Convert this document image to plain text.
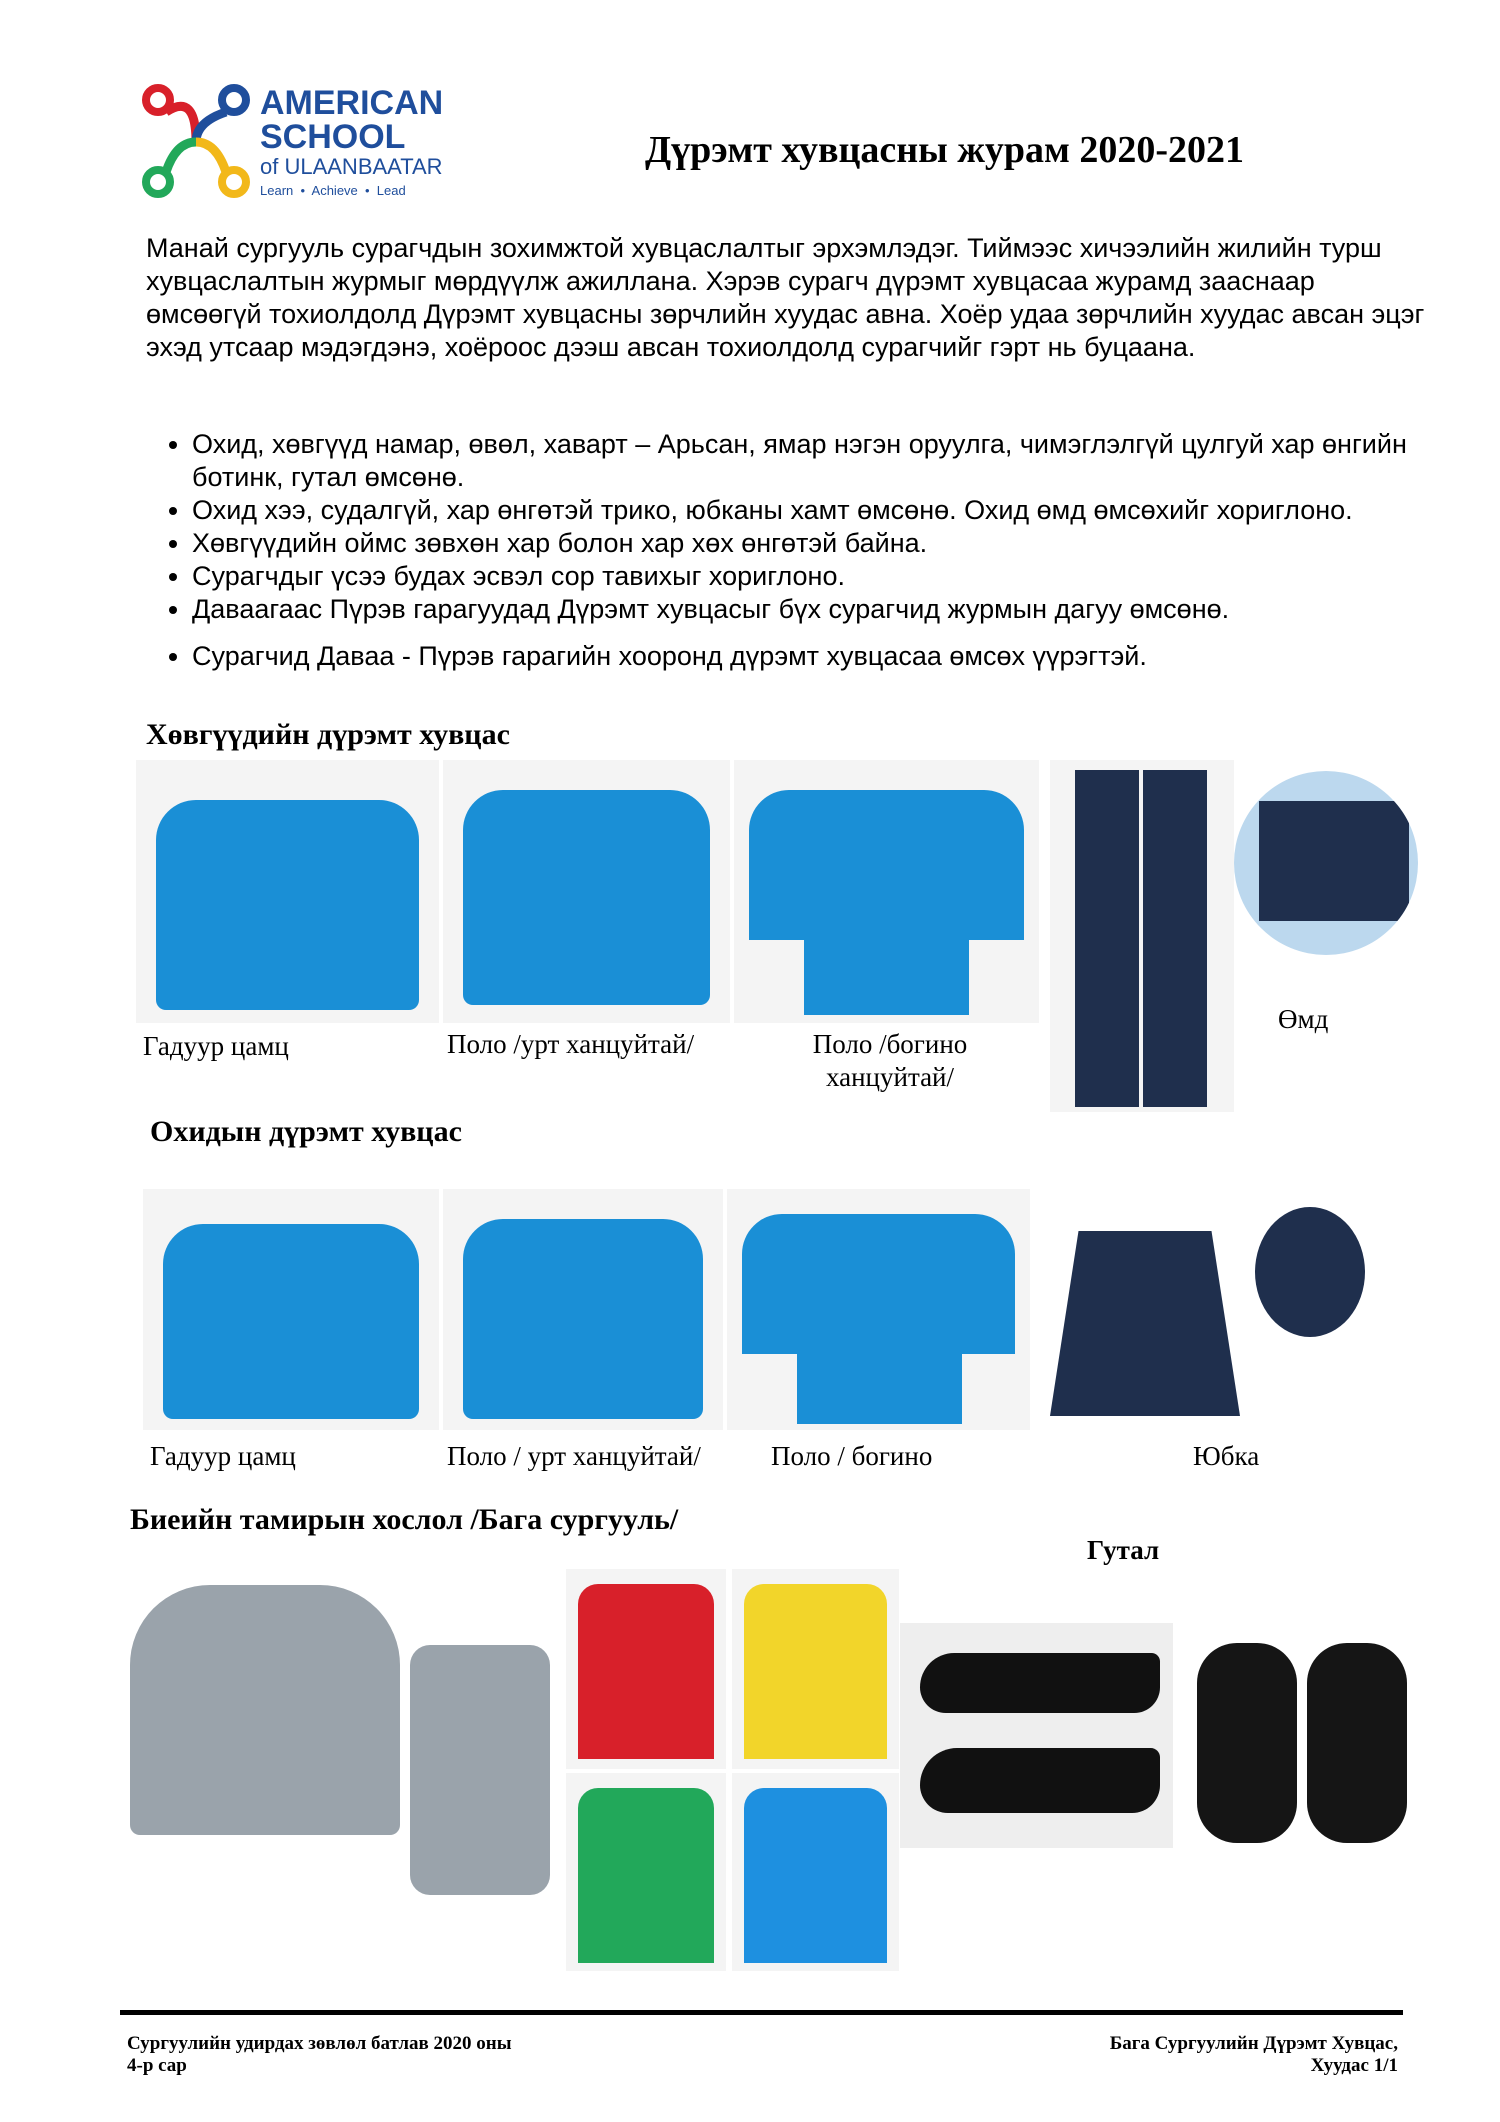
AMERICAN
SCHOOL
of ULAANBAATAR
Learn  •  Achieve  •  Lead
Дүрэмт хувцасны журам 2020-2021
Манай сургууль сурагчдын зохимжтой хувцаслалтыг эрхэмлэдэг. Тиймээс хичээлийн жилийн турш хувцаслалтын журмыг мөрдүүлж ажиллана. Хэрэв сурагч дүрэмт хувцасаа журамд зааснаар өмсөөгүй тохиолдолд Дүрэмт хувцасны зөрчлийн хуудас авна. Хоёр удаа зөрчлийн хуудас авсан эцэг эхэд утсаар мэдэгдэнэ, хоёроос дээш авсан тохиолдолд сурагчийг гэрт нь буцаана.
• Охид, хөвгүүд намар, өвөл, хаварт – Арьсан, ямар нэгэн оруулга, чимэглэлгүй цулгуй хар өнгийн ботинк, гутал өмсөнө.
• Охид хээ, судалгүй, хар өнгөтэй трико, юбканы хамт өмсөнө. Охид өмд өмсөхийг хориглоно.
• Хөвгүүдийн оймс зөвхөн хар болон хар хөх өнгөтэй байна.
• Сурагчдыг үсээ будах эсвэл сор тавихыг хориглоно.
• Даваагаас Пүрэв гарагуудад Дүрэмт хувцасыг бүх сурагчид журмын дагуу өмсөнө.
• Сурагчид Даваа - Пүрэв гарагийн хооронд дүрэмт хувцасаа өмсөх үүрэгтэй.
Хөвгүүдийн дүрэмт хувцас
Гадуур цамц	Поло /урт ханцуйтай/	Поло /богино ханцуйтай/
Өмд
Охидын дүрэмт хувцас
Гадуур цамц	Поло / урт ханцуйтай/	Поло / богино	Юбка
Биеийн тамирын хослол /Бага сургууль/
Гутал
Сургуулийн удирдах зөвлөл батлав 2020 оны
4-р сар
Бага Сургуулийн Дүрэмт Хувцас,
Хуудас 1/1
